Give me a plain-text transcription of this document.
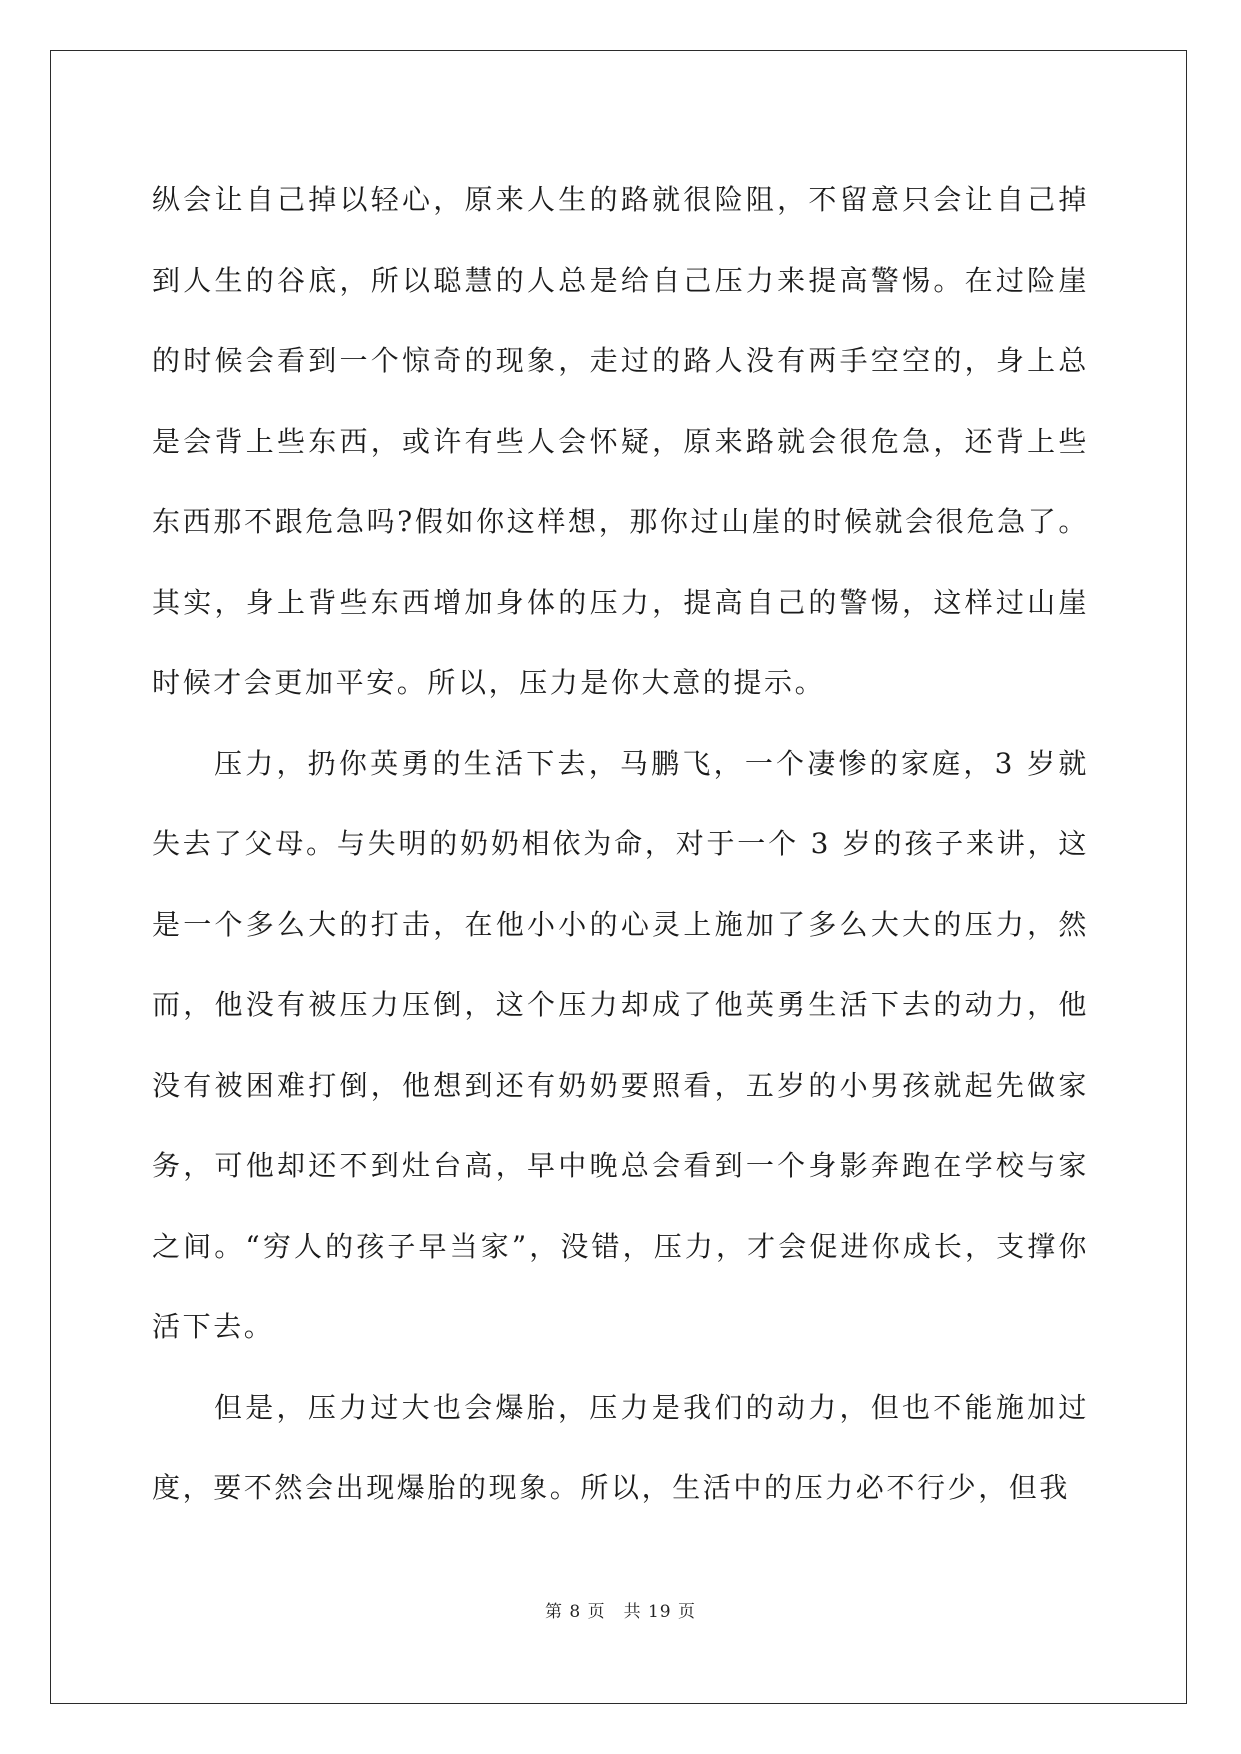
纵会让自己掉以轻心，原来人生的路就很险阻，不留意只会让自己掉到人生的谷底，所以聪慧的人总是给自己压力来提高警惕。在过险崖的时候会看到一个惊奇的现象，走过的路人没有两手空空的，身上总是会背上些东西，或许有些人会怀疑，原来路就会很危急，还背上些东西那不跟危急吗?假如你这样想，那你过山崖的时候就会很危急了。其实，身上背些东西增加身体的压力，提高自己的警惕，这样过山崖时候才会更加平安。所以，压力是你大意的提示。

压力，扔你英勇的生活下去，马鹏飞，一个凄惨的家庭，3 岁就失去了父母。与失明的奶奶相依为命，对于一个 3 岁的孩子来讲，这是一个多么大的打击，在他小小的心灵上施加了多么大大的压力，然而，他没有被压力压倒，这个压力却成了他英勇生活下去的动力，他没有被困难打倒，他想到还有奶奶要照看，五岁的小男孩就起先做家务，可他却还不到灶台高，早中晚总会看到一个身影奔跑在学校与家之间。“穷人的孩子早当家”，没错，压力，才会促进你成长，支撑你活下去。

但是，压力过大也会爆胎，压力是我们的动力，但也不能施加过度，要不然会出现爆胎的现象。所以，生活中的压力必不行少，但我

第 8 页 共 19 页
